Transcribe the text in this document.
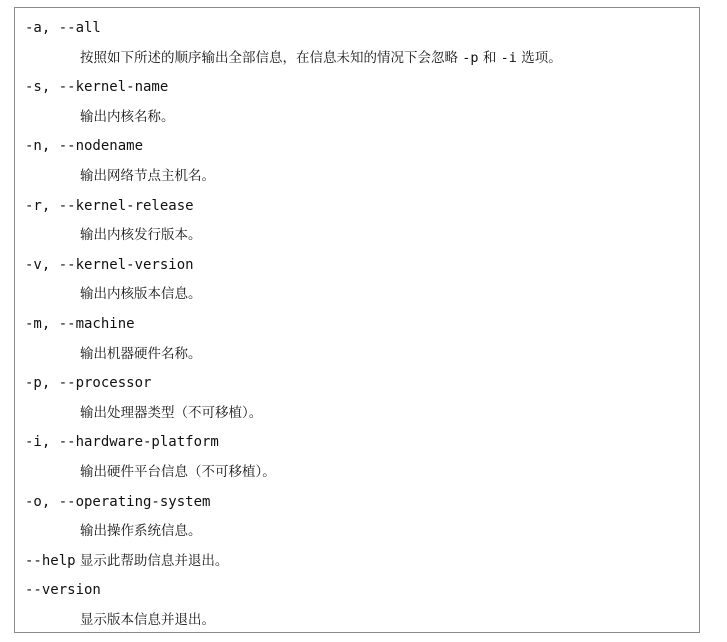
-a, --all
按照如下所述的顺序输出全部信息，在信息未知的情况下会忽略 -p 和 -i 选项。
-s, --kernel-name
输出内核名称。
-n, --nodename
输出网络节点主机名。
-r, --kernel-release
输出内核发行版本。
-v, --kernel-version
输出内核版本信息。
-m, --machine
输出机器硬件名称。
-p, --processor
输出处理器类型（不可移植）。
-i, --hardware-platform
输出硬件平台信息（不可移植）。
-o, --operating-system
输出操作系统信息。
--help 显示此帮助信息并退出。
--version
显示版本信息并退出。
